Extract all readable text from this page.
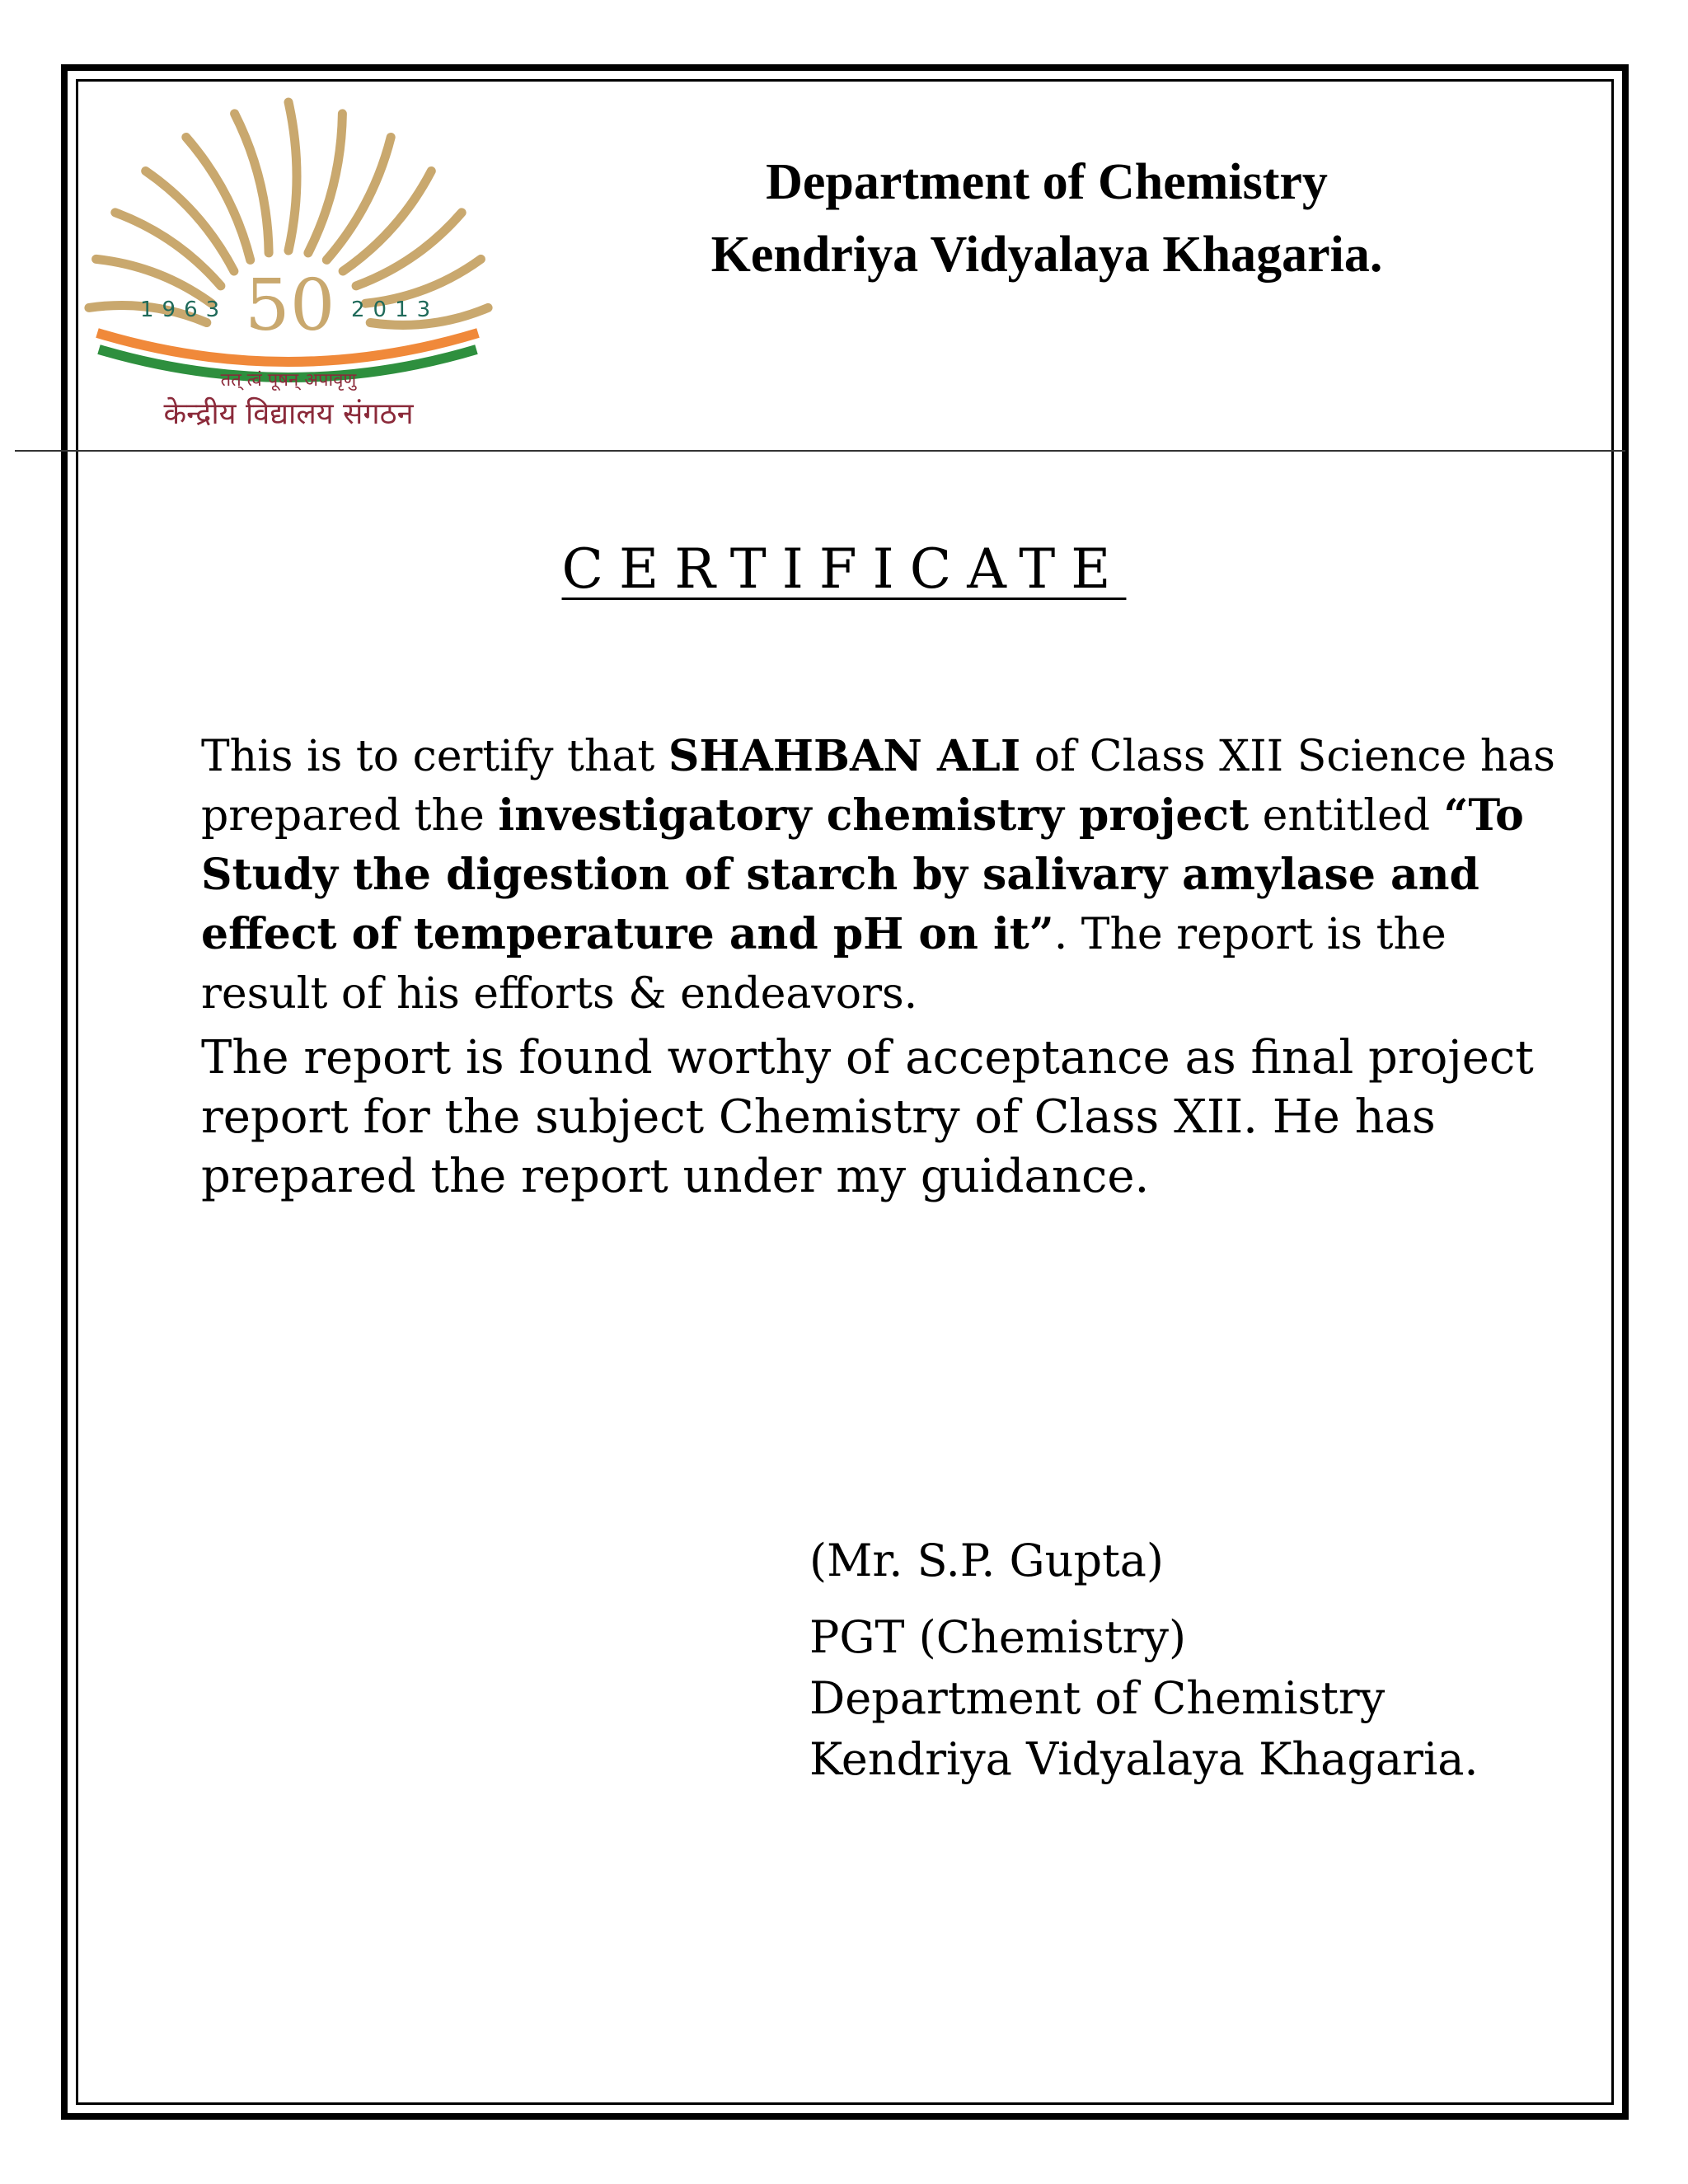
1963 50 2013
तत् त्वं पूषन् अपावृणु
केन्द्रीय विद्यालय संगठन
Department of Chemistry
Kendriya Vidyalaya Khagaria.
CERTIFICATE

This is to certify that SHAHBAN ALI of Class XII Science has prepared the investigatory chemistry project entitled “To Study the digestion of starch by salivary amylase and effect of temperature and pH on it”. The report is the result of his efforts & endeavors.

The report is found worthy of acceptance as final project report for the subject Chemistry of Class XII. He has prepared the report under my guidance.

(Mr. S.P. Gupta)
PGT (Chemistry)
Department of Chemistry
Kendriya Vidyalaya Khagaria.
